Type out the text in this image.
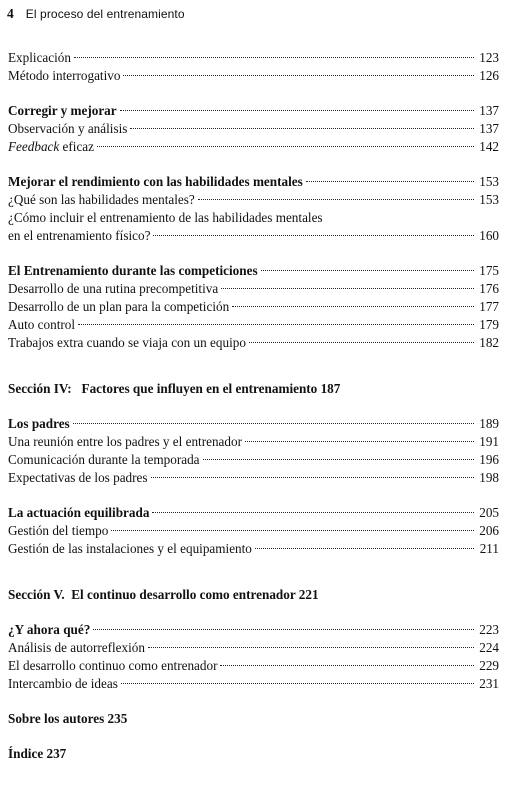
4 El proceso del entrenamiento
Explicación	123
Método interrogativo	126
Corregir y mejorar	137
Observación y análisis	137
Feedback eficaz	142
Mejorar el rendimiento con las habilidades mentales	153
¿Qué son las habilidades mentales?	153
¿Cómo incluir el entrenamiento de las habilidades mentales
en el entrenamiento físico?	160
El Entrenamiento durante las competiciones	175
Desarrollo de una rutina precompetitiva	176
Desarrollo de un plan para la competición	177
Auto control	179
Trabajos extra cuando se viaja con un equipo	182
Sección IV: Factores que influyen en el entrenamiento 187
Los padres	189
Una reunión entre los padres y el entrenador	191
Comunicación durante la temporada	196
Expectativas de los padres	198
La actuación equilibrada	205
Gestión del tiempo	206
Gestión de las instalaciones y el equipamiento	211
Sección V. El continuo desarrollo como entrenador 221
¿Y ahora qué?	223
Análisis de autorreflexión	224
El desarrollo continuo como entrenador	229
Intercambio de ideas	231
Sobre los autores 235
Índice 237
